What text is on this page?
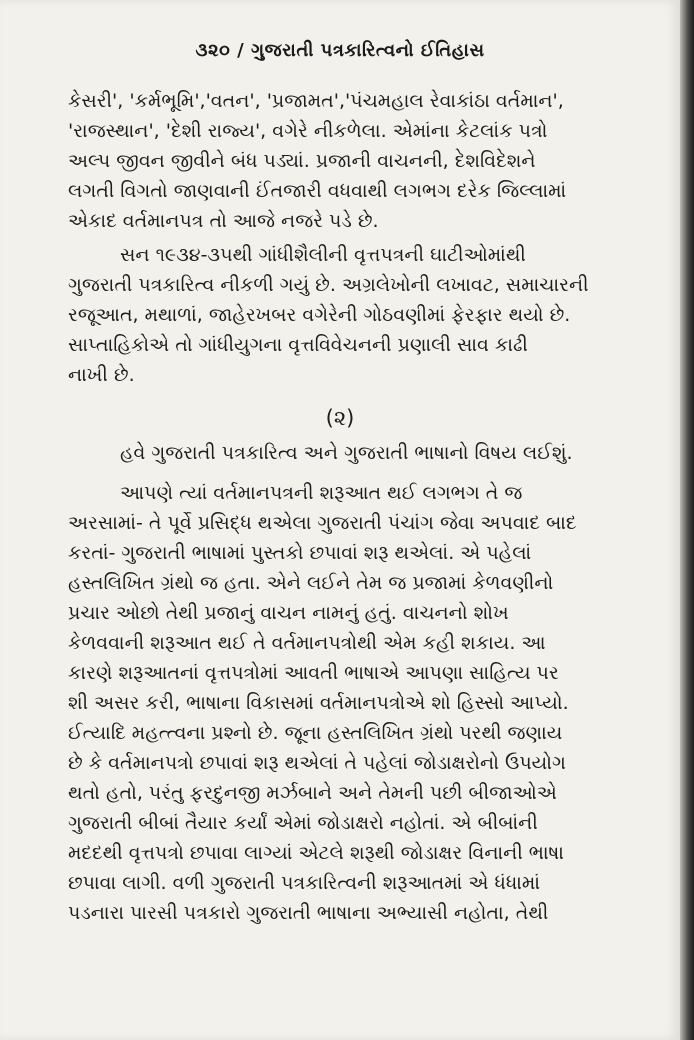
૩૨૦ / ગુજરાતી પત્રકારિત્વનો ઈતિહાસ
કેસરી', 'કર્મભૂમિ','વતન', 'પ્રજામત','પંચમહાલ રેવાકાંઠા વર્તમાન',
'રાજસ્થાન', 'દેશી રાજ્ય', વગેરે નીકળેલા. એમાંના કેટલાંક પત્રો
અલ્પ જીવન જીવીને બંધ પડ્યાં. પ્રજાની વાચનની, દેશવિદેશને
લગતી વિગતો જાણવાની ઈંતજારી વધવાથી લગભગ દરેક જિલ્લામાં
એકાદ વર્તમાનપત્ર તો આજે નજરે પડે છે.
સન ૧૯૩૪-૩૫થી ગાંધીશૈલીની વૃત્તપત્રની ઘાટીઓમાંથી
ગુજરાતી પત્રકારિત્વ નીકળી ગયું છે. અગ્રલેખોની લખાવટ, સમાચારની
રજૂઆત, મથાળાં, જાહેરખબર વગેરેની ગોઠવણીમાં ફેરફાર થયો છે.
સાપ્તાહિકોએ તો ગાંધીયુગના વૃત્તવિવેચનની પ્રણાલી સાવ કાઢી
નાખી છે.
(૨)
હવે ગુજરાતી પત્રકારિત્વ અને ગુજરાતી ભાષાનો વિષય લઈશું.
આપણે ત્યાં વર્તમાનપત્રની શરૂઆત થઈ લગભગ તે જ
અરસામાં- તે પૂર્વે પ્રસિદ્ધ થએલા ગુજરાતી પંચાંગ જેવા અપવાદ બાદ
કરતાં- ગુજરાતી ભાષામાં પુસ્તકો છપાવાં શરૂ થએલાં. એ પહેલાં
હસ્તલિખિત ગ્રંથો જ હતા. એને લઈને તેમ જ પ્રજામાં કેળવણીનો
પ્રચાર ઓછો તેથી પ્રજાનું વાચન નામનું હતું. વાચનનો શોખ
કેળવવાની શરૂઆત થઈ તે વર્તમાનપત્રોથી એમ કહી શકાય. આ
કારણે શરૂઆતનાં વૃત્તપત્રોમાં આવતી ભાષાએ આપણા સાહિત્ય પર
શી અસર કરી, ભાષાના વિકાસમાં વર્તમાનપત્રોએ શો હિસ્સો આપ્યો.
ઈત્યાદિ મહત્ત્વના પ્રશ્નો છે. જૂના હસ્તલિખિત ગ્રંથો પરથી જણાય
છે કે વર્તમાનપત્રો છપાવાં શરૂ થએલાં તે પહેલાં જોડાક્ષરોનો ઉપયોગ
થતો હતો, પરંતુ ફરદુનજી મર્ઝબાને અને તેમની પછી બીજાઓએ
ગુજરાતી બીબાં તૈયાર કર્યાં એમાં જોડાક્ષરો નહોતાં. એ બીબાંની
મદદથી વૃત્તપત્રો છપાવા લાગ્યાં એટલે શરૂથી જોડાક્ષર વિનાની ભાષા
છપાવા લાગી. વળી ગુજરાતી પત્રકારિત્વની શરૂઆતમાં એ ધંધામાં
પડનારા પારસી પત્રકારો ગુજરાતી ભાષાના અભ્યાસી નહોતા, તેથી
